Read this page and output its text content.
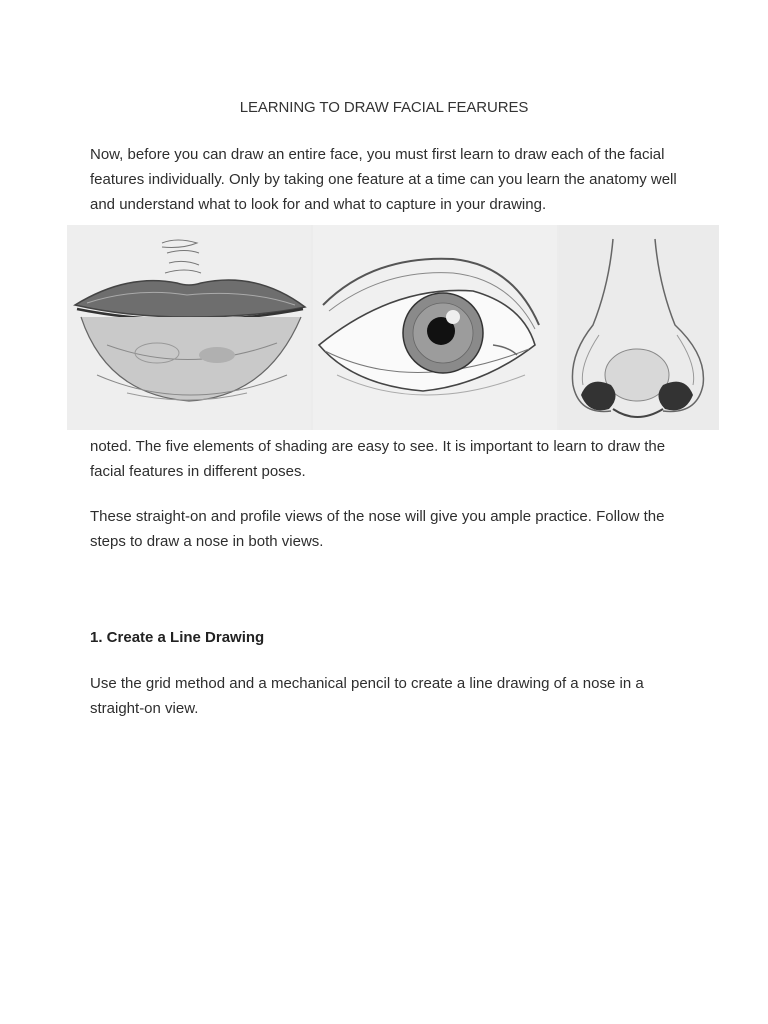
LEARNING TO DRAW FACIAL FEARURES

Now, before you can draw an entire face, you must first learn to draw each of the facial features individually. Only by taking one feature at a time can you learn the anatomy well and understand what to look for and what to capture in your drawing.

noted. The five elements of shading are easy to see. It is important to learn to draw the facial features in different poses.

These straight-on and profile views of the nose will give you ample practice. Follow the steps to draw a nose in both views.

1. Create a Line Drawing

Use the grid method and a mechanical pencil to create a line drawing of a nose in a straight-on view.
